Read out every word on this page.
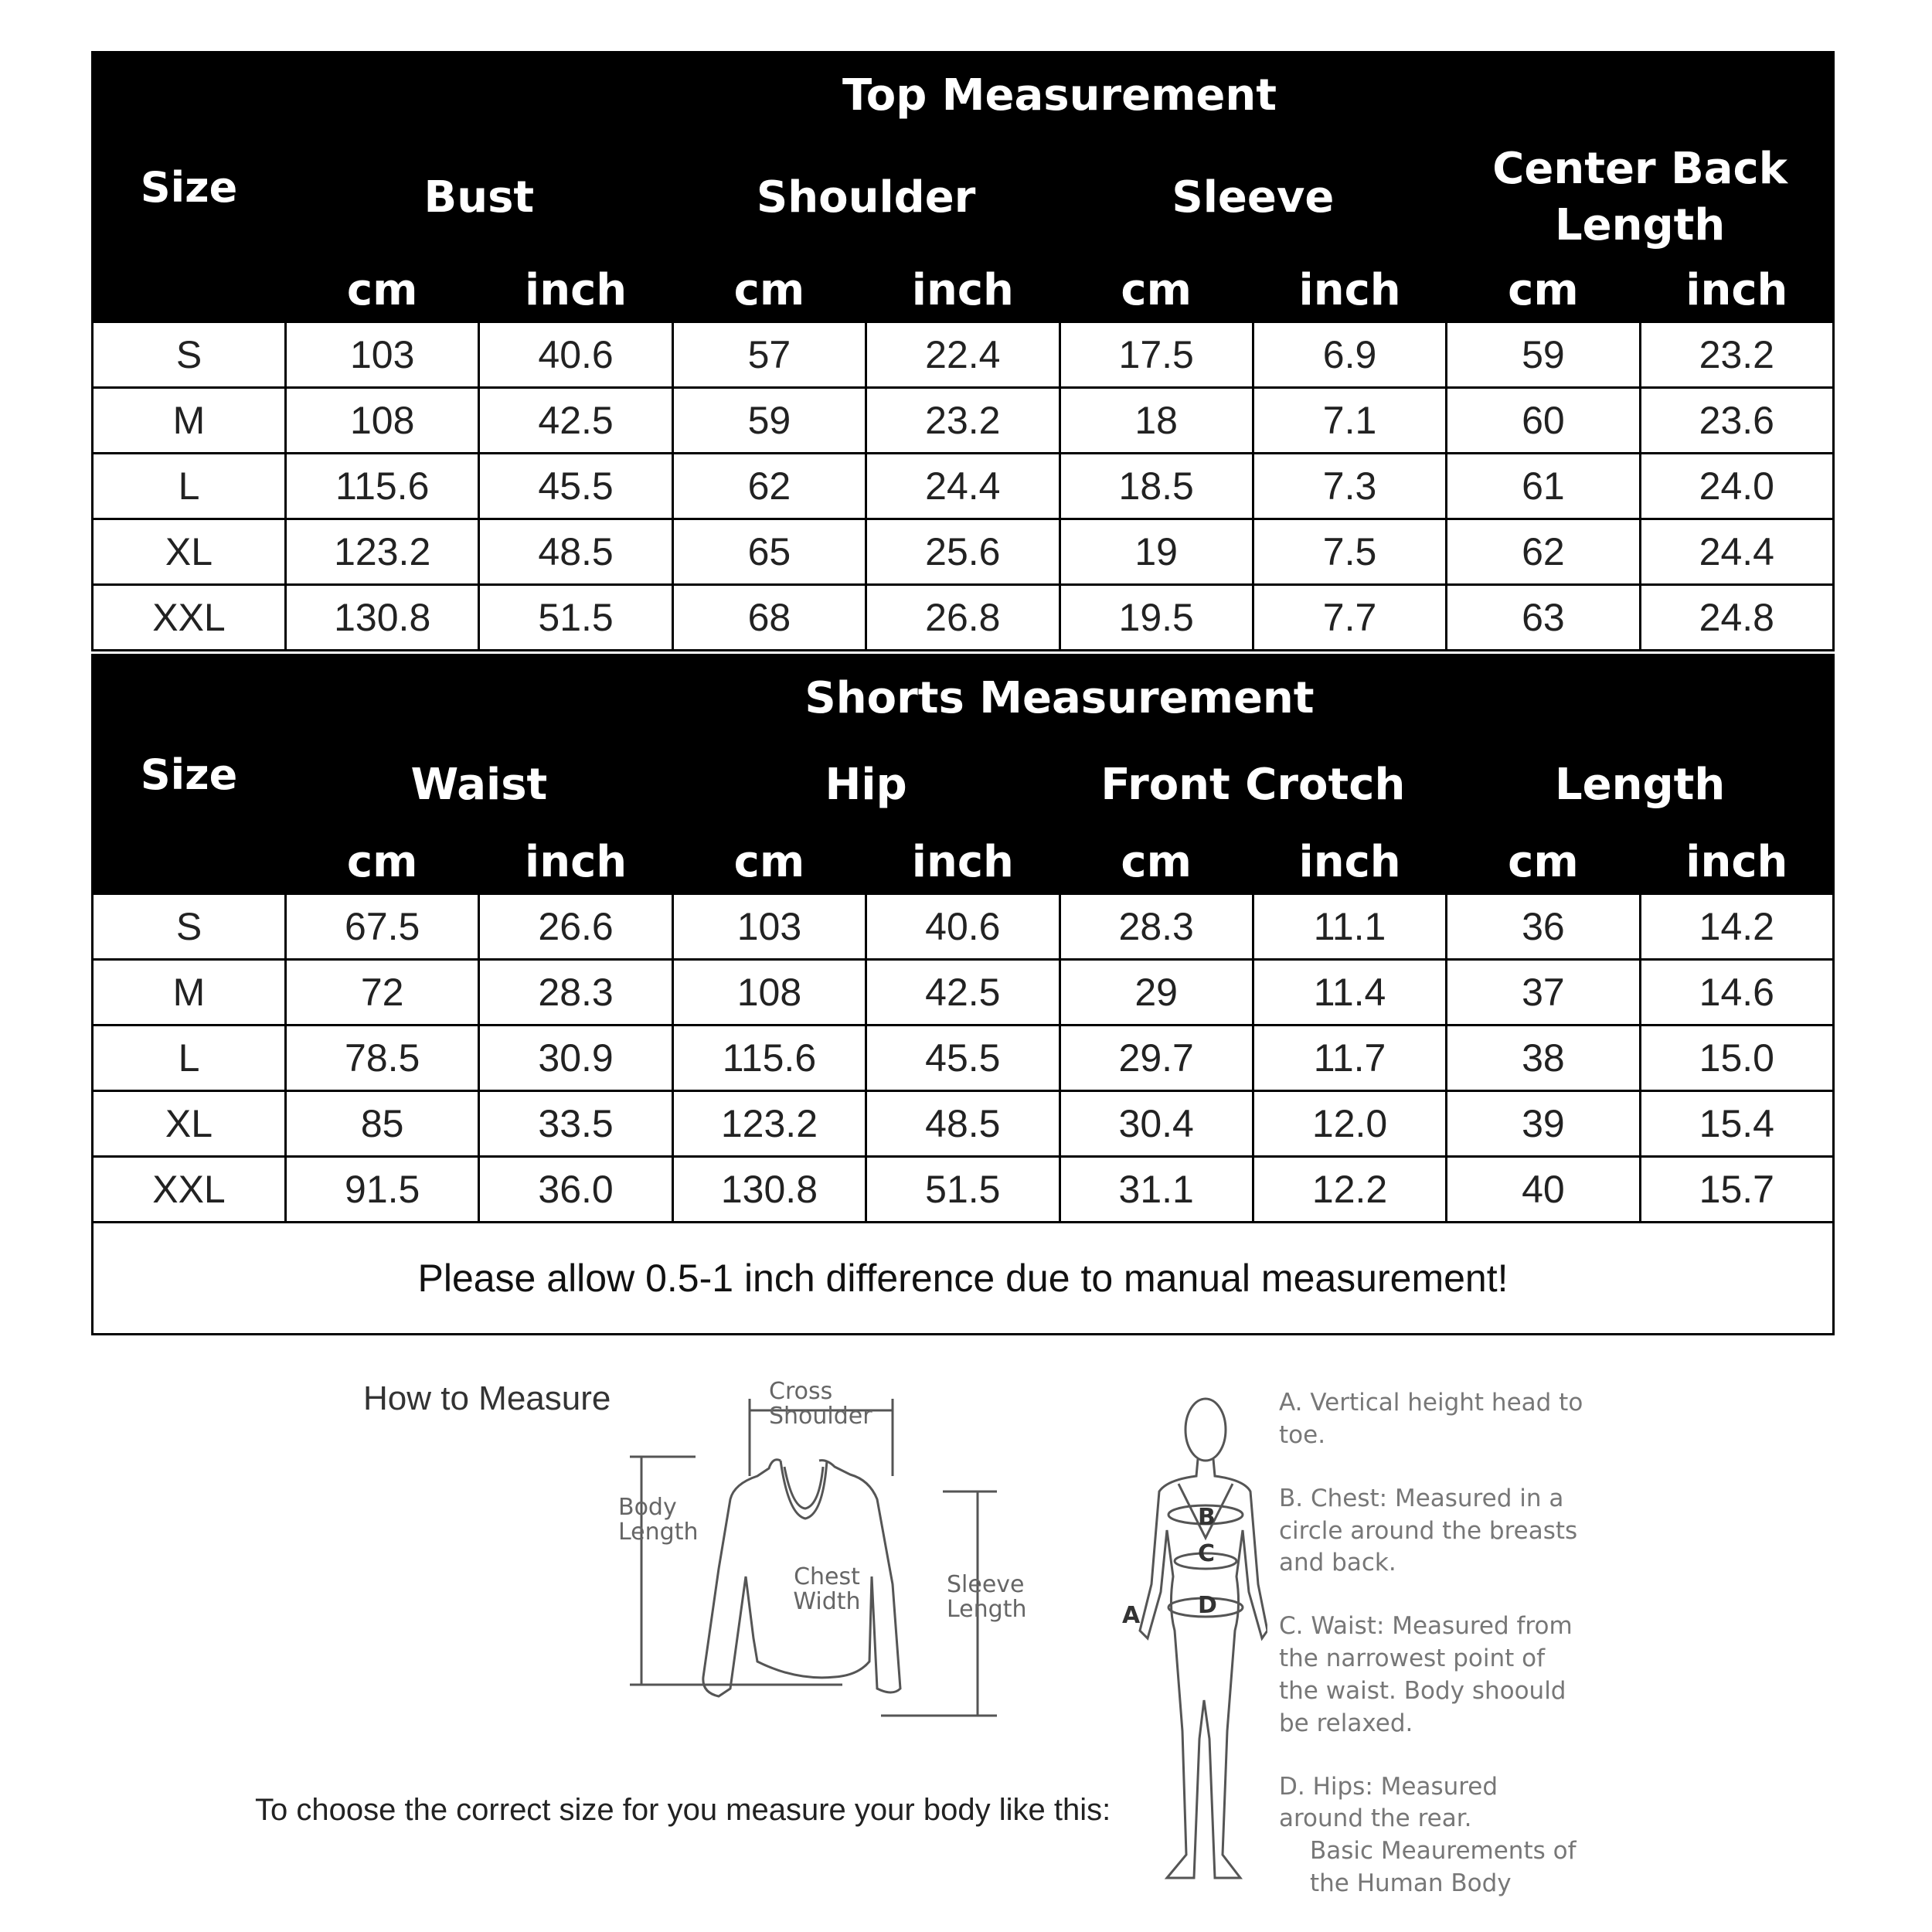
Size	Top Measurement							
	Bust		Shoulder		Sleeve		Center Back Length	
	cm	inch	cm	inch	cm	inch	cm	inch
S	103	40.6	57	22.4	17.5	6.9	59	23.2
M	108	42.5	59	23.2	18	7.1	60	23.6
L	115.6	45.5	62	24.4	18.5	7.3	61	24.0
XL	123.2	48.5	65	25.6	19	7.5	62	24.4
XXL	130.8	51.5	68	26.8	19.5	7.7	63	24.8
Size	Shorts Measurement							
	Waist		Hip		Front Crotch		Length	
	cm	inch	cm	inch	cm	inch	cm	inch
S	67.5	26.6	103	40.6	28.3	11.1	36	14.2
M	72	28.3	108	42.5	29	11.4	37	14.6
L	78.5	30.9	115.6	45.5	29.7	11.7	38	15.0
XL	85	33.5	123.2	48.5	30.4	12.0	39	15.4
XXL	91.5	36.0	130.8	51.5	31.1	12.2	40	15.7
Please allow 0.5-1 inch difference due to manual measurement!								
How to Measure	Cross Shoulder
Body Length
Chest Width
Sleeve Length
To choose the correct size for you measure your body like this:
A
B
C
D
A. Vertical height head to toe.
B. Chest: Measured in a circle around the breasts and back.
C. Waist: Measured from the narrowest point of the waist. Body shoould be relaxed.
D. Hips: Measured around the rear.
Basic Meaurements of the Human Body
